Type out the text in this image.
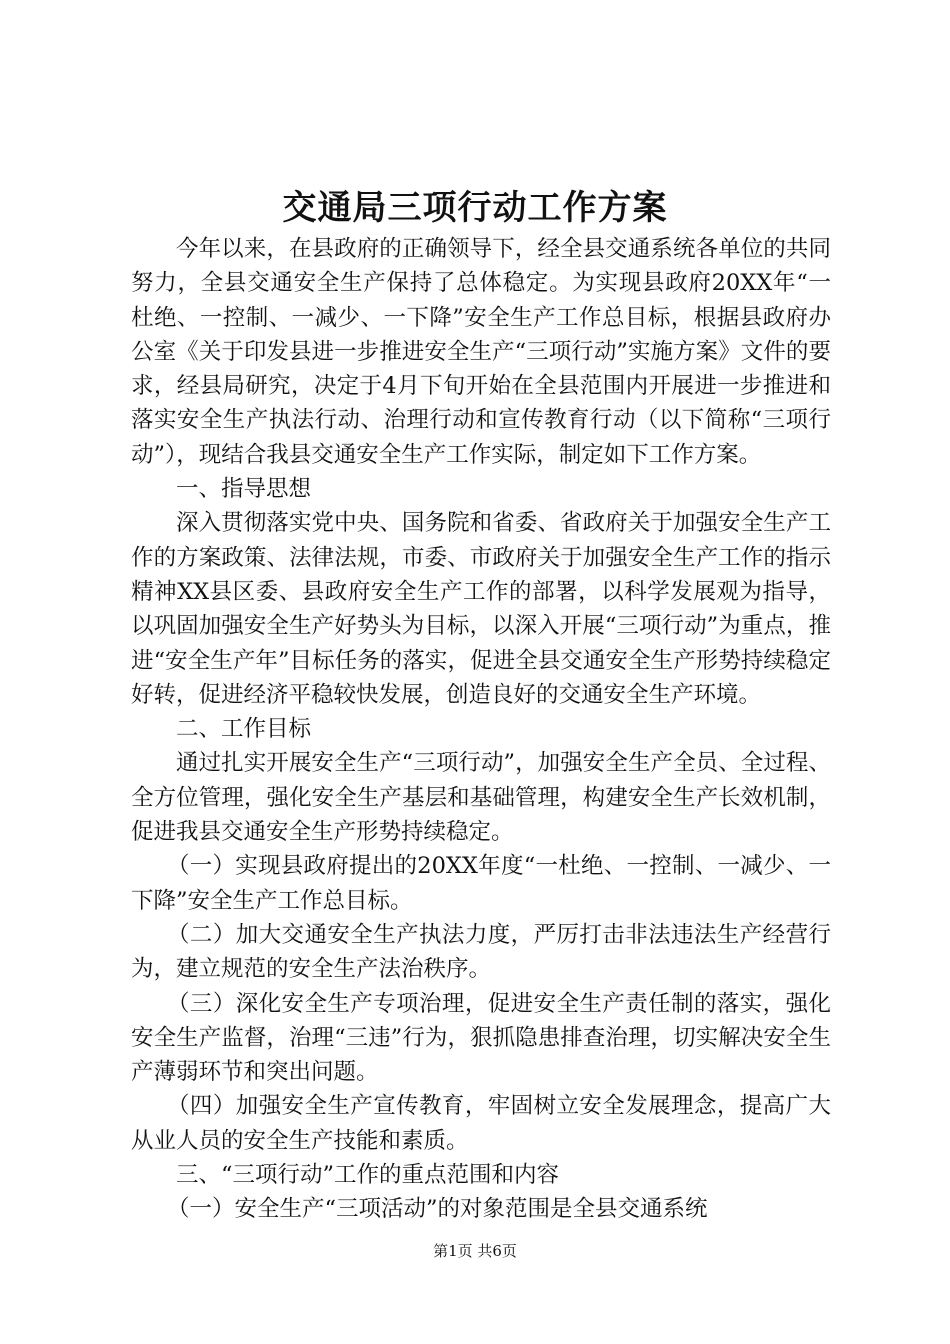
交通局三项行动工作方案

今年以来，在县政府的正确领导下，经全县交通系统各单位的共同努力，全县交通安全生产保持了总体稳定。为实现县政府20XX年“一杜绝、一控制、一减少、一下降”安全生产工作总目标，根据县政府办公室《关于印发县进一步推进安全生产“三项行动”实施方案》文件的要求，经县局研究，决定于4月下旬开始在全县范围内开展进一步推进和落实安全生产执法行动、治理行动和宣传教育行动（以下简称“三项行动”），现结合我县交通安全生产工作实际，制定如下工作方案。

一、指导思想

深入贯彻落实党中央、国务院和省委、省政府关于加强安全生产工作的方案政策、法律法规，市委、市政府关于加强安全生产工作的指示精神XX县区委、县政府安全生产工作的部署，以科学发展观为指导，以巩固加强安全生产好势头为目标，以深入开展“三项行动”为重点，推进“安全生产年”目标任务的落实，促进全县交通安全生产形势持续稳定好转，促进经济平稳较快发展，创造良好的交通安全生产环境。

二、工作目标

通过扎实开展安全生产“三项行动”，加强安全生产全员、全过程、全方位管理，强化安全生产基层和基础管理，构建安全生产长效机制，促进我县交通安全生产形势持续稳定。

（一）实现县政府提出的20XX年度“一杜绝、一控制、一减少、一下降”安全生产工作总目标。

（二）加大交通安全生产执法力度，严厉打击非法违法生产经营行为，建立规范的安全生产法治秩序。

（三）深化安全生产专项治理，促进安全生产责任制的落实，强化安全生产监督，治理“三违”行为，狠抓隐患排查治理，切实解决安全生产薄弱环节和突出问题。

（四）加强安全生产宣传教育，牢固树立安全发展理念，提高广大从业人员的安全生产技能和素质。

三、“三项行动”工作的重点范围和内容

（一）安全生产“三项活动”的对象范围是全县交通系统

第1页 共6页
